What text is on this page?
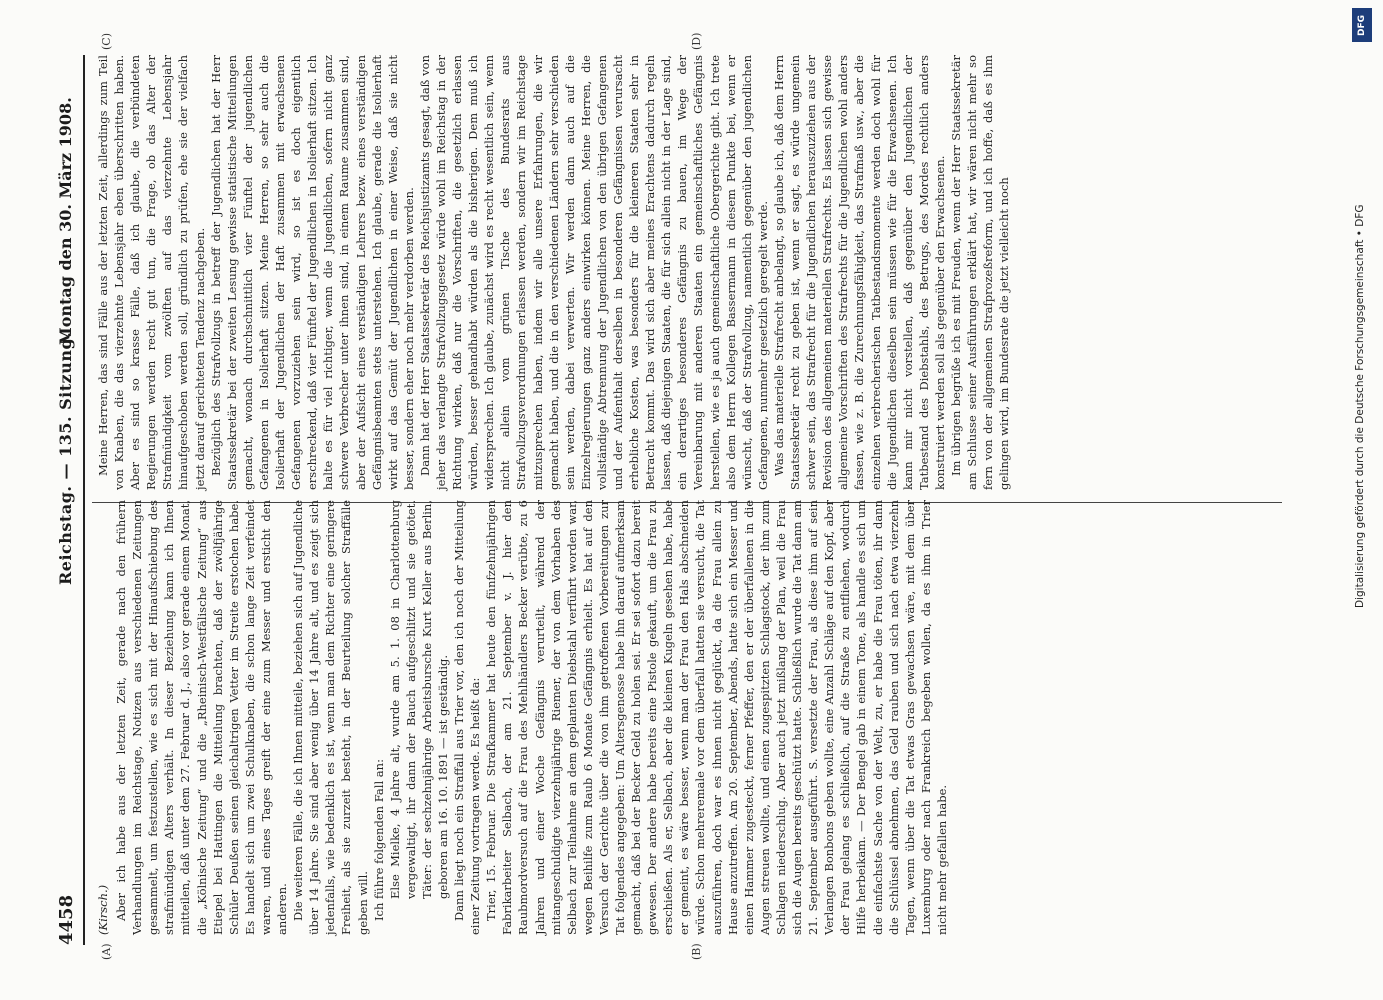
4458
Reichstag. — 135. Sitzung.
Montag den 30. März 1908.
(A)	(B)
(C)	(D)

(Kirsch.) Aber ich habe aus der letzten Zeit, gerade nach den frühern Verhandlungen im Reichstage, Notizen aus verschiedenen Zeitungen gesammelt, um festzustellen, wie es sich mit der Hinaufschiebung des strafmündigen Alters verhält. In dieser Beziehung kann ich Ihnen mitteilen, daß unter dem 27. Februar d. J., also vor gerade einem Monat, die „Kölnische Zeitung“ und die „Rheinisch-Westfälische Zeitung“ aus Etiepel bei Hattingen die Mitteilung brachten, daß der zwölfjährige Schüler Deußen seinen gleichaltrigen Vetter im Streite erstochen habe. Es handelt sich um zwei Schulknaben, die schon lange Zeit verfeindet waren, und eines Tages greift der eine zum Messer und ersticht den anderen. Die weiteren Fälle, die ich Ihnen mitteile, beziehen sich auf Jugendliche über 14 Jahre. Sie sind aber wenig über 14 Jahre alt, und es zeigt sich jedenfalls, wie bedenklich es ist, wenn man dem Richter eine geringere Freiheit, als sie zurzeit besteht, in der Beurteilung solcher Straffälle geben will. Ich führe folgenden Fall an: Else Mielke, 4 Jahre alt, wurde am 5. 1. 08 in Charlottenburg vergewaltigt, ihr dann der Bauch aufgeschlitzt und sie getötet. Täter: der sechzehnjährige Arbeitsbursche Kurt Keller aus Berlin, geboren am 16. 10. 1891 — ist geständig. Dann liegt noch ein Straffall aus Trier vor, den ich noch der Mitteilung einer Zeitung vortragen werde. Es heißt da: Trier, 15. Februar. Die Strafkammer hat heute den fünfzehnjährigen Fabrikarbeiter Selbach, der am 21. September v. J. hier den Raubmordversuch auf die Frau des Mehlhändlers Becker verübte, zu 6 Jahren und einer Woche Gefängnis verurteilt, während der mitangeschuldigte vierzehnjährige Riemer, der von dem Vorhaben des Selbach zur Teilnahme an dem geplanten Diebstahl verführt worden war, wegen Beihilfe zum Raub 6 Monate Gefängnis erhielt. Es hat auf den Versuch der Gerichte über die von ihm getroffenen Vorbereitungen zur Tat folgendes angegeben: Um Altersgenosse habe ihn darauf aufmerksam gemacht, daß bei der Becker Geld zu holen sei. Er sei sofort dazu bereit gewesen. Der andere habe bereits eine Pistole gekauft, um die Frau zu erschießen. Als er, Selbach, aber die kleinen Kugeln gesehen habe, habe er gemeint, es wäre besser, wenn man der Frau den Hals abschneiden würde. Schon mehreremale vor dem überfall hatten sie versucht, die Tat auszuführen, doch war es ihnen nicht geglückt, da die Frau allein zu Hause anzutreffen. Am 20. September, Abends, hatte sich ein Messer und einen Hammer zugesteckt, ferner Pfeffer, den er der überfallenen in die Augen streuen wollte, und einen zugespitzten Schlagstock, der ihm zum Schlagen niederschlug. Aber auch jetzt mißlang der Plan, weil die Frau sich die Augen bereits geschützt hatte. Schließlich wurde die Tat dann am 21. September ausgeführt. S. versetzte der Frau, als diese ihm auf sein Verlangen Bonbons geben wollte, eine Anzahl Schläge auf den Kopf, aber der Frau gelang es schließlich, auf die Straße zu entfliehen, wodurch Hilfe herbeikam. — Der Bengel gab in einem Tone, als handle es sich um die einfachste Sache von der Welt, zu, er habe die Frau töten, ihr dann die Schlüssel abnehmen, das Geld rauben und sich nach etwa vierzehn Tagen, wenn über die Tat etwas Gras gewachsen wäre, mit dem über Luxemburg oder nach Frankreich begeben wollen, da es ihm in Trier nicht mehr gefallen habe.

Meine Herren, das sind Fälle aus der letzten Zeit, allerdings zum Teil von Knaben, die das vierzehnte Lebensjahr eben überschritten haben. Aber es sind so krasse Fälle, daß ich glaube, die verbündeten Regierungen werden recht gut tun, die Frage, ob das Alter der Strafmündigkeit vom zwölften auf das vierzehnte Lebensjahr hinaufgeschoben werden soll, gründlich zu prüfen, ehe sie der vielfach jetzt darauf gerichteten Tendenz nachgeben. Bezüglich des Strafvollzugs in betreff der Jugendlichen hat der Herr Staatssekretär bei der zweiten Lesung gewisse statistische Mitteilungen gemacht, wonach durchschnittlich vier Fünftel der jugendlichen Gefangenen in Isolierhaft sitzen. Meine Herren, so sehr auch die Isolierhaft der Jugendlichen der Haft zusammen mit erwachsenen Gefangenen vorzuziehen sein wird, so ist es doch eigentlich erschreckend, daß vier Fünftel der Jugendlichen in Isolierhaft sitzen. Ich halte es für viel richtiger, wenn die Jugendlichen, sofern nicht ganz schwere Verbrecher unter ihnen sind, in einem Raume zusammen sind, aber der Aufsicht eines verständigen Lehrers bezw. eines verständigen Gefängnisbeamten stets unterstehen. Ich glaube, gerade die Isolierhaft wirkt auf das Gemüt der Jugendlichen in einer Weise, daß sie nicht besser, sondern eher noch mehr verdorben werden. Dann hat der Herr Staatssekretär des Reichsjustizamts gesagt, daß von jeher das verlangte Strafvollzugsgesetz würde wohl im Reichstag in der Richtung wirken, daß nur die Vorschriften, die gesetzlich erlassen würden, besser gehandhabt würden als die bisherigen. Dem muß ich widersprechen. Ich glaube, zunächst wird es recht wesentlich sein, wenn nicht allein vom grünen Tische des Bundesrats aus Strafvollzugsverordnungen erlassen werden, sondern wir im Reichstage mitzusprechen haben, indem wir alle unsere Erfahrungen, die wir gemacht haben, und die in den verschiedenen Ländern sehr verschieden sein werden, dabei verwerten. Wir werden dann auch auf die Einzelregierungen ganz anders einwirken können. Meine Herren, die vollständige Abtrennung der Jugendlichen von den übrigen Gefangenen und der Aufenthalt derselben in besonderen Gefängnissen verursacht erhebliche Kosten, was besonders für die kleineren Staaten sehr in Betracht kommt. Das wird sich aber meines Erachtens dadurch regeln lassen, daß diejenigen Staaten, die für sich allein nicht in der Lage sind, ein derartiges besonderes Gefängnis zu bauen, im Wege der Vereinbarung mit anderen Staaten ein gemeinschaftliches Gefängnis herstellen, wie es ja auch gemeinschaftliche Obergerichte gibt. Ich trete also dem Herrn Kollegen Bassermann in diesem Punkte bei, wenn er wünscht, daß der Strafvollzug, namentlich gegenüber den jugendlichen Gefangenen, nunmehr gesetzlich geregelt werde. Was das materielle Strafrecht anbelangt, so glaube ich, daß dem Herrn Staatssekretär recht zu geben ist, wenn er sagt, es würde ungemein schwer sein, das Strafrecht für die Jugendlichen herauszuziehen aus der Revision des allgemeinen materiellen Strafrechts. Es lassen sich gewisse allgemeine Vorschriften des Strafrechts für die Jugendlichen wohl anders fassen, wie z. B. die Zurechnungsfähigkeit, das Strafmaß usw., aber die einzelnen verbrecherischen Tatbestandsmomente werden doch wohl für die Jugendlichen dieselben sein müssen wie für die Erwachsenen. Ich kann mir nicht vorstellen, daß gegenüber den Jugendlichen der Tatbestand des Diebstahls, des Betrugs, des Mordes rechtlich anders konstruiert werden soll als gegenüber den Erwachsenen. Im übrigen begrüße ich es mit Freuden, wenn der Herr Staatssekretär am Schlusse seiner Ausführungen erklärt hat, wir wären nicht mehr so fern von der allgemeinen Strafprozeßreform, und ich hoffe, daß es ihm gelingen wird, im Bundesrate die jetzt vielleicht noch

DFG
Digitalisierung gefördert durch die Deutsche Forschungsgemeinschaft • DFG
